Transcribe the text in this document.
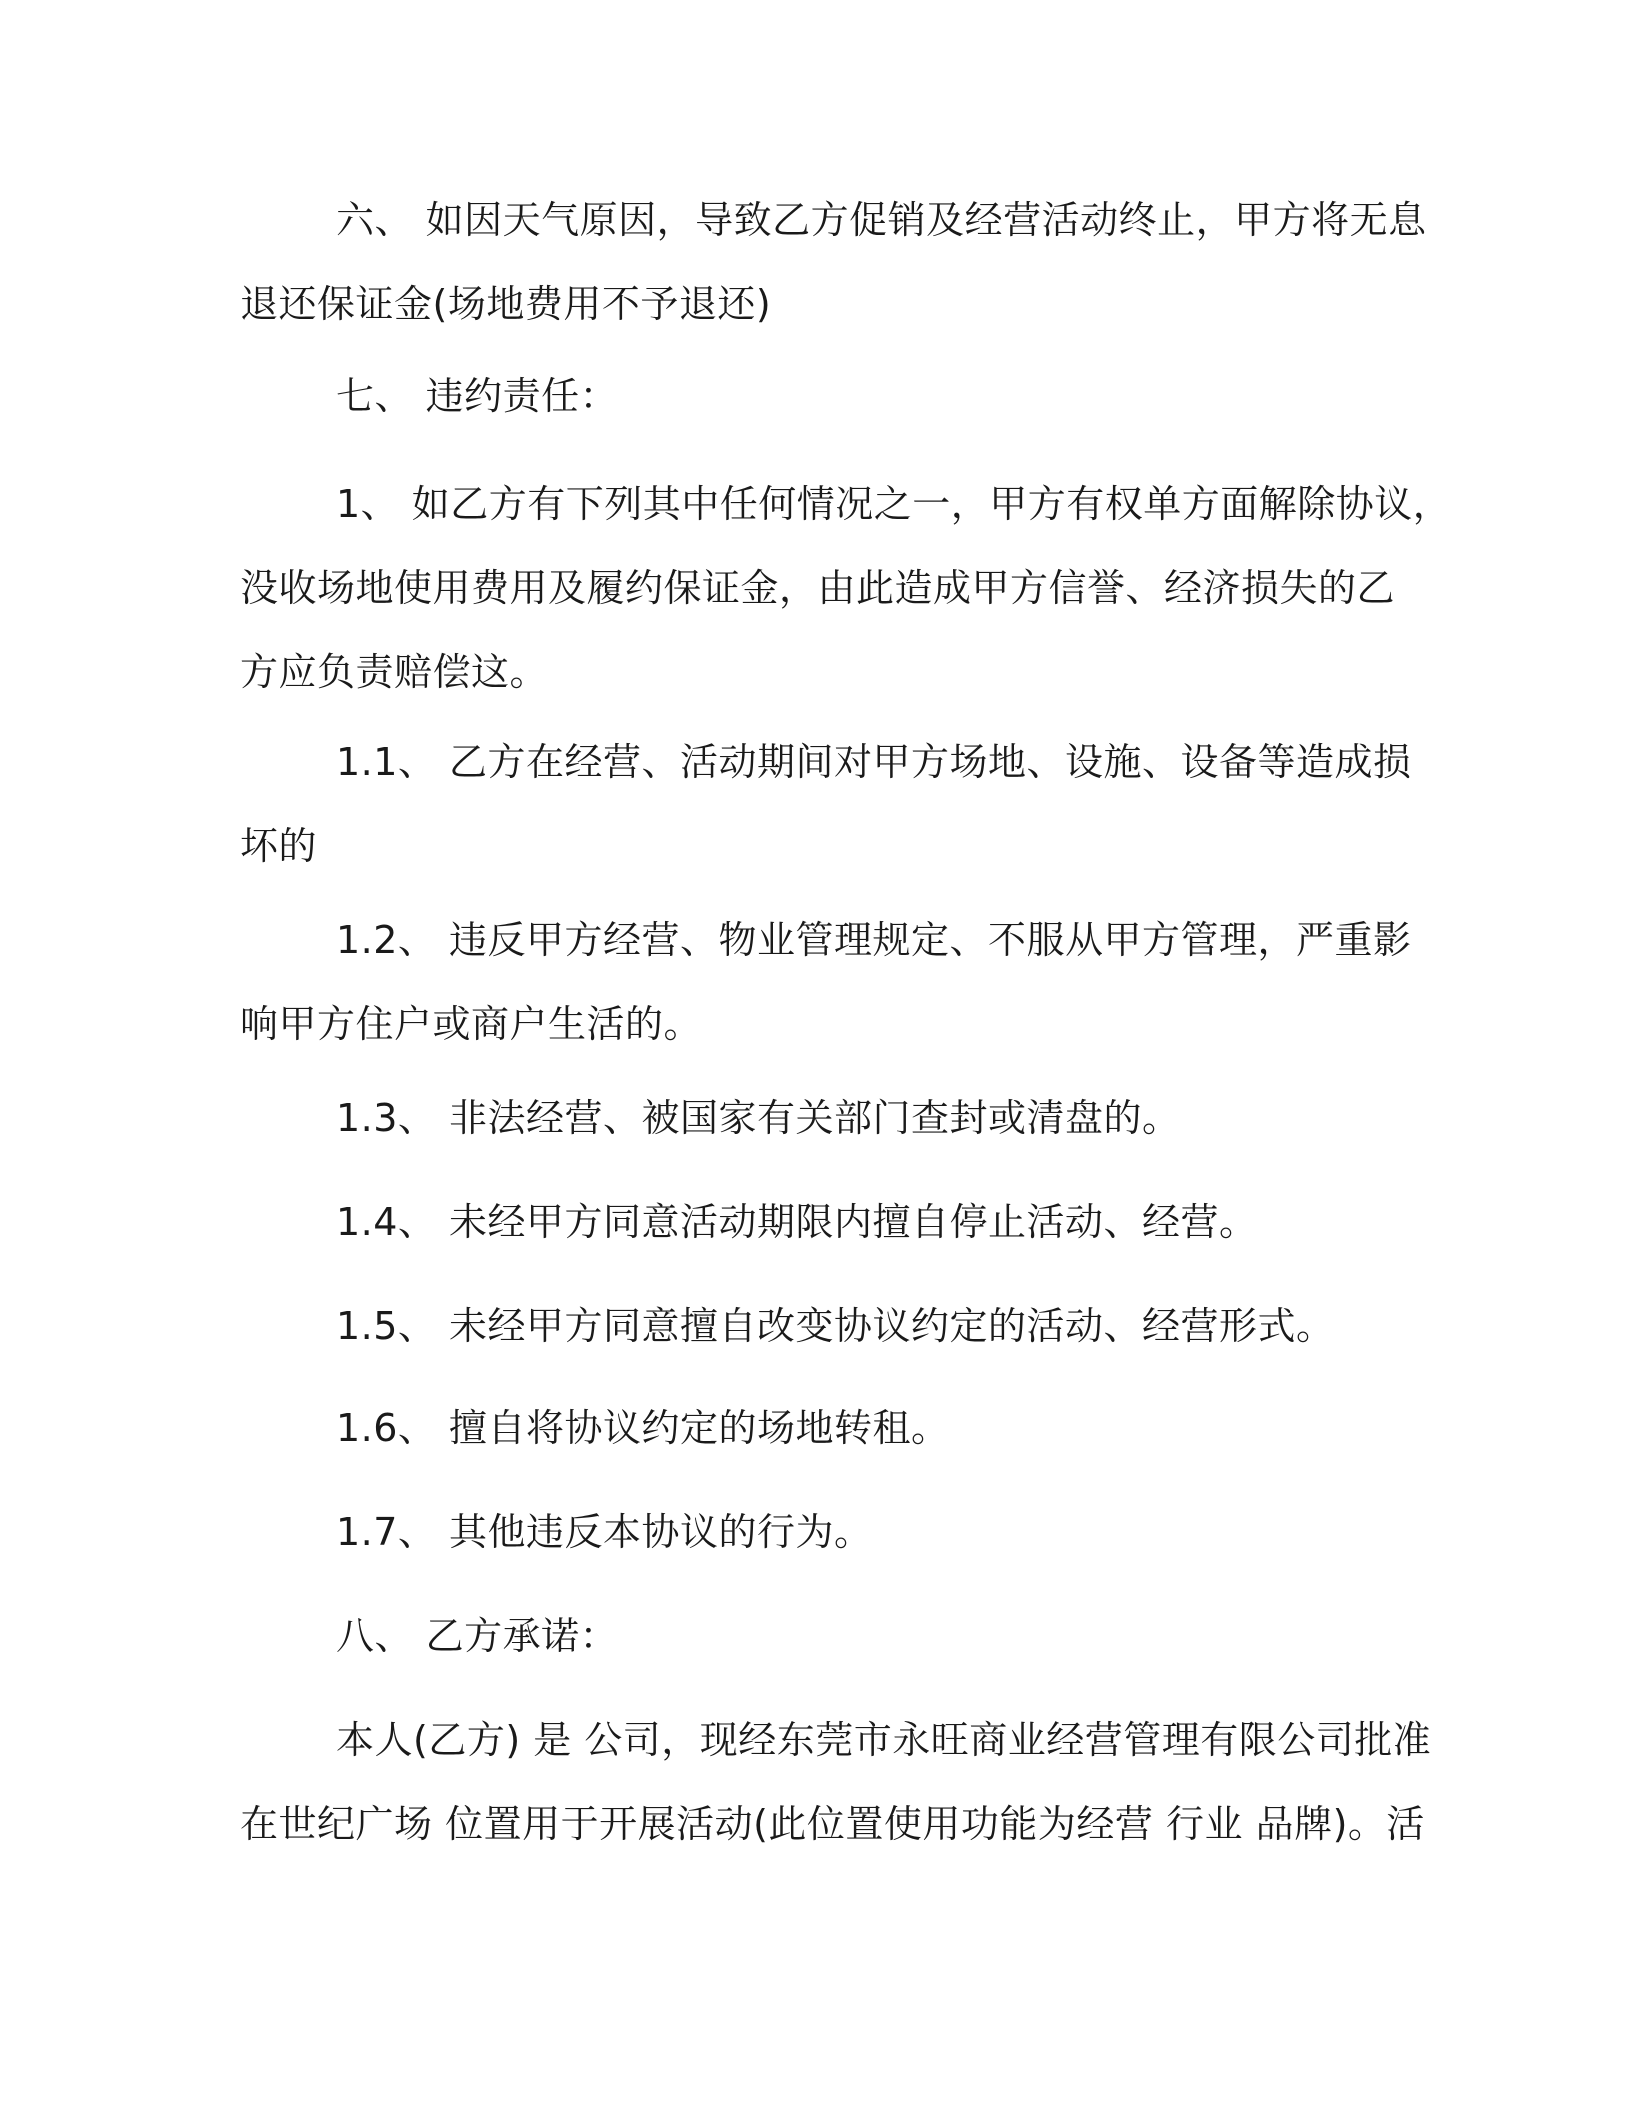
六、 如因天气原因，导致乙方促销及经营活动终止，甲方将无息
退还保证金(场地费用不予退还)
七、 违约责任：
1、 如乙方有下列其中任何情况之一，甲方有权单方面解除协议，
没收场地使用费用及履约保证金，由此造成甲方信誉、经济损失的乙
方应负责赔偿这。
1.1、 乙方在经营、活动期间对甲方场地、设施、设备等造成损
坏的
1.2、 违反甲方经营、物业管理规定、不服从甲方管理，严重影
响甲方住户或商户生活的。
1.3、 非法经营、被国家有关部门查封或清盘的。
1.4、 未经甲方同意活动期限内擅自停止活动、经营。
1.5、 未经甲方同意擅自改变协议约定的活动、经营形式。
1.6、 擅自将协议约定的场地转租。
1.7、 其他违反本协议的行为。
八、 乙方承诺：
本人(乙方) 是 公司，现经东莞市永旺商业经营管理有限公司批准
在世纪广场 位置用于开展活动(此位置使用功能为经营 行业 品牌)。活
